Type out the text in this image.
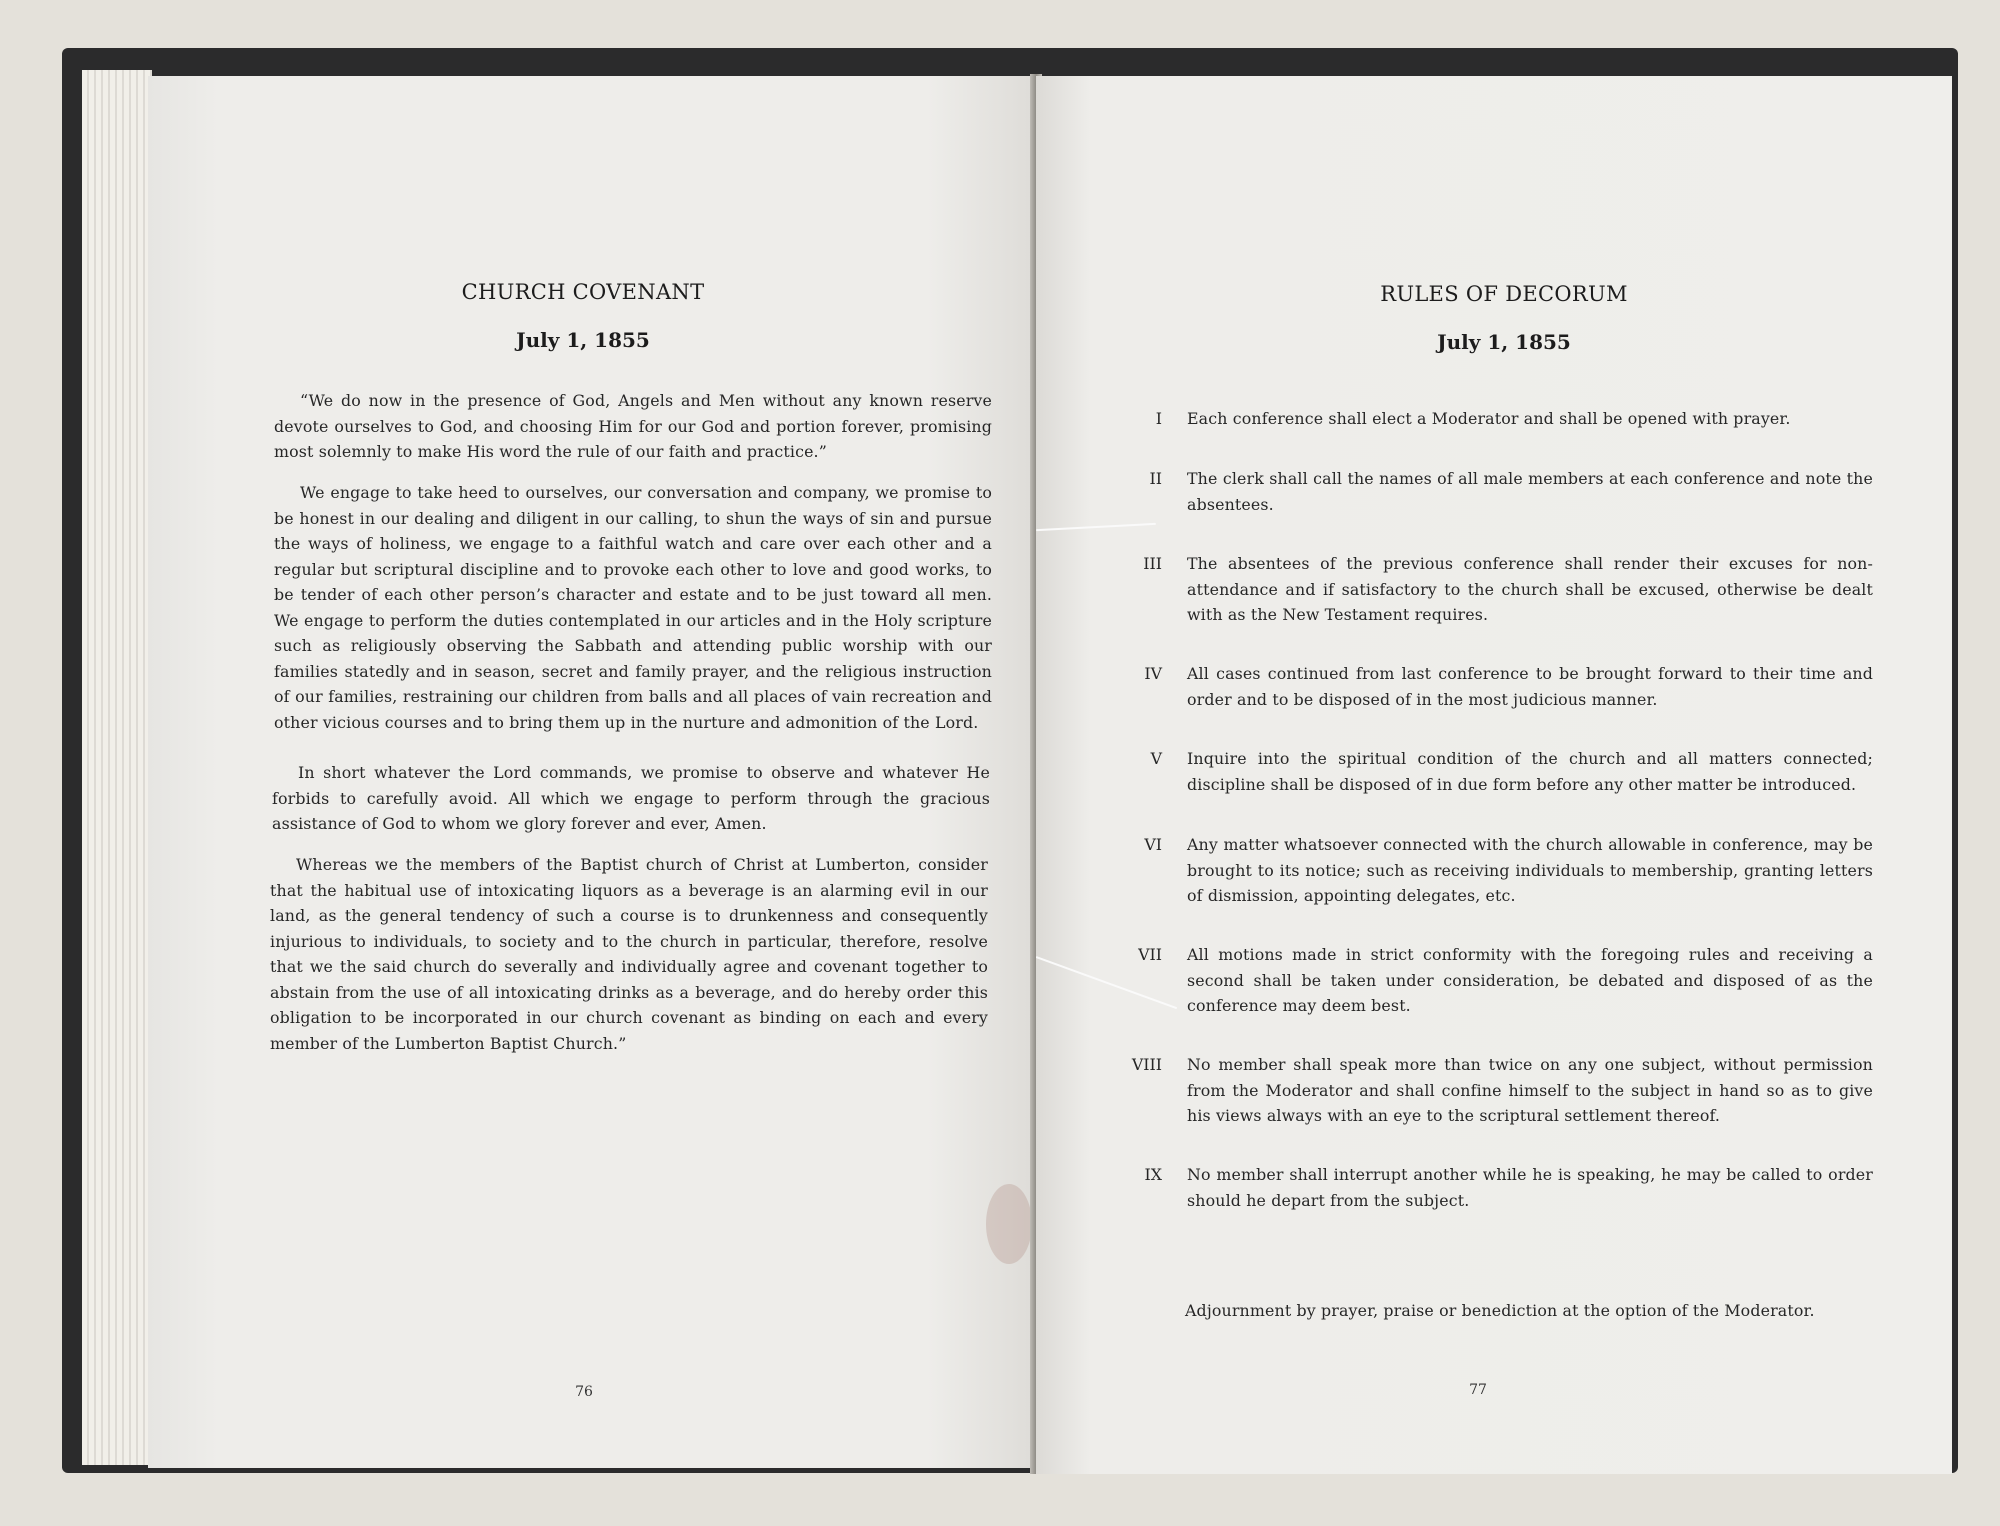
CHURCH COVENANT
July 1, 1855

“We do now in the presence of God, Angels and Men without any known reserve devote ourselves to God, and choosing Him for our God and portion forever, promising most solemnly to make His word the rule of our faith and practice.”

We engage to take heed to ourselves, our conversation and company, we promise to be honest in our dealing and diligent in our calling, to shun the ways of sin and pursue the ways of holiness, we engage to a faithful watch and care over each other and a regular but scriptural discipline and to provoke each other to love and good works, to be tender of each other person’s character and estate and to be just toward all men. We engage to perform the duties contemplated in our articles and in the Holy scripture such as religiously observing the Sabbath and attending public worship with our families statedly and in season, secret and family prayer, and the religious instruction of our families, restraining our children from balls and all places of vain recreation and other vicious courses and to bring them up in the nurture and admonition of the Lord.

In short whatever the Lord commands, we promise to observe and whatever He forbids to carefully avoid. All which we engage to perform through the gracious assistance of God to whom we glory forever and ever, Amen.

Whereas we the members of the Baptist church of Christ at Lumberton, consider that the habitual use of intoxicating liquors as a beverage is an alarming evil in our land, as the general tendency of such a course is to drunkenness and consequently injurious to individuals, to society and to the church in particular, therefore, resolve that we the said church do severally and individually agree and covenant together to abstain from the use of all intoxicating drinks as a beverage, and do hereby order this obligation to be incorporated in our church covenant as binding on each and every member of the Lumberton Baptist Church.”

76

RULES OF DECORUM
July 1, 1855
I Each conference shall elect a Moderator and shall be opened with prayer.

II The clerk shall call the names of all male members at each conference and note the absentees.

III The absentees of the previous conference shall render their excuses for non-attendance and if satisfactory to the church shall be excused, otherwise be dealt with as the New Testament requires.

IV All cases continued from last conference to be brought forward to their time and order and to be disposed of in the most judicious manner.

V Inquire into the spiritual condition of the church and all matters connected; discipline shall be disposed of in due form before any other matter be introduced.

VI Any matter whatsoever connected with the church allowable in conference, may be brought to its notice; such as receiving individuals to membership, granting letters of dismission, appointing delegates, etc.

VII All motions made in strict conformity with the foregoing rules and receiving a second shall be taken under consideration, be debated and disposed of as the conference may deem best.

VIII No member shall speak more than twice on any one subject, without permission from the Moderator and shall confine himself to the subject in hand so as to give his views always with an eye to the scriptural settlement thereof.

IX No member shall interrupt another while he is speaking, he may be called to order should he depart from the subject.

Adjournment by prayer, praise or benediction at the option of the Moderator.

77
